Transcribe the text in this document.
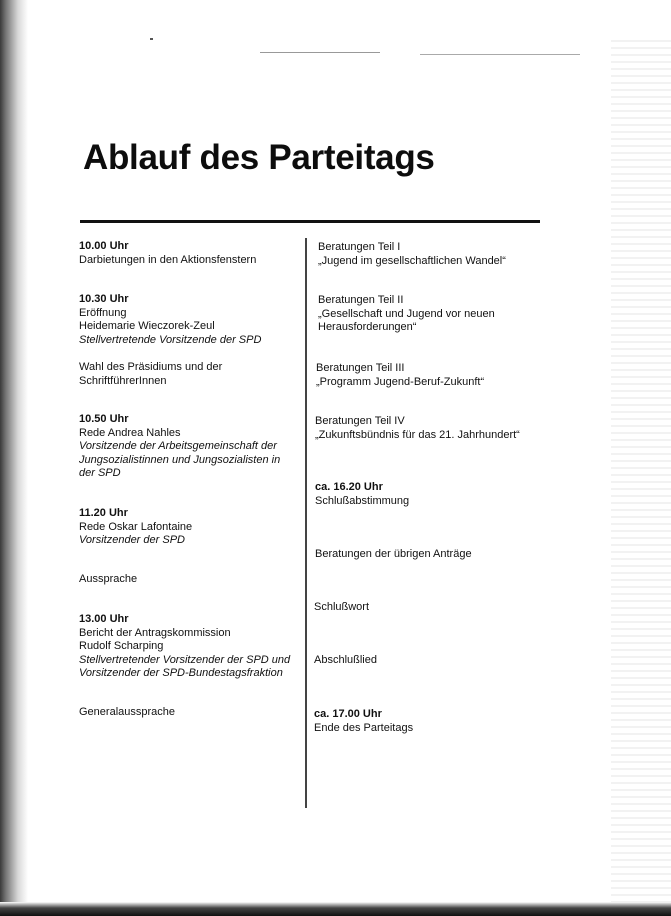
Ablauf des Parteitags
10.00 Uhr
Darbietungen in den Aktionsfenstern
10.30 Uhr
Eröffnung
Heidemarie Wieczorek-Zeul
Stellvertretende Vorsitzende der SPD
Wahl des Präsidiums und der
SchriftführerInnen
10.50 Uhr
Rede Andrea Nahles
Vorsitzende der Arbeitsgemeinschaft der
Jungsozialistinnen und Jungsozialisten in
der SPD
11.20 Uhr
Rede Oskar Lafontaine
Vorsitzender der SPD
Aussprache
13.00 Uhr
Bericht der Antragskommission
Rudolf Scharping
Stellvertretender Vorsitzender der SPD und
Vorsitzender der SPD-Bundestagsfraktion
Generalaussprache
Beratungen Teil I
„Jugend im gesellschaftlichen Wandel“
Beratungen Teil II
„Gesellschaft und Jugend vor neuen
Herausforderungen“
Beratungen Teil III
„Programm Jugend-Beruf-Zukunft“
Beratungen Teil IV
„Zukunftsbündnis für das 21. Jahrhundert“
ca. 16.20 Uhr
Schlußabstimmung
Beratungen der übrigen Anträge
Schlußwort
Abschlußlied
ca. 17.00 Uhr
Ende des Parteitags
